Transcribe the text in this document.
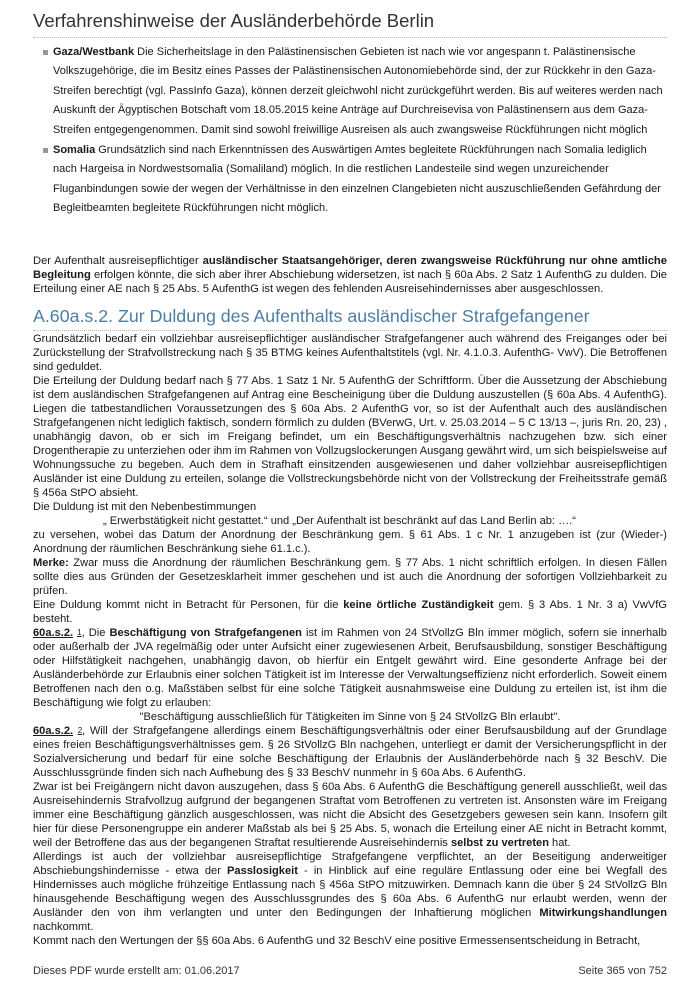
Verfahrenshinweise der Ausländerbehörde Berlin
Gaza/Westbank Die Sicherheitslage in den Palästinensischen Gebieten ist nach wie vor angespann t. Palästinensische Volkszugehörige, die im Besitz eines Passes der Palästinensischen Autonomiebehörde sind, der zur Rückkehr in den Gaza-Streifen berechtigt (vgl. PassInfo Gaza), können derzeit gleichwohl nicht zurückgeführt werden. Bis auf weiteres werden nach Auskunft der Ägyptischen Botschaft vom 18.05.2015 keine Anträge auf Durchreisevisa von Palästinensern aus dem Gaza-Streifen entgegengenommen. Damit sind sowohl freiwillige Ausreisen als auch zwangsweise Rückführungen nicht möglich
Somalia Grundsätzlich sind nach Erkenntnissen des Auswärtigen Amtes begleitete Rückführungen nach Somalia lediglich nach Hargeisa in Nordwestsomalia (Somaliland) möglich. In die restlichen Landesteile sind wegen unzureichender Fluganbindungen sowie der wegen der Verhältnisse in den einzelnen Clangebieten nicht auszuschließenden Gefährdung der Begleitbeamten begleitete Rückführungen nicht möglich.

Der Aufenthalt ausreisepflichtiger ausländischer Staatsangehöriger, deren zwangsweise Rückführung nur ohne amtliche Begleitung erfolgen könnte, die sich aber ihrer Abschiebung widersetzen, ist nach § 60a Abs. 2 Satz 1 AufenthG zu dulden. Die Erteilung einer AE nach § 25 Abs. 5 AufenthG ist wegen des fehlenden Ausreisehindernisses aber ausgeschlossen.

A.60a.s.2. Zur Duldung des Aufenthalts ausländischer Strafgefangener

Grundsätzlich bedarf ein vollziehbar ausreisepflichtiger ausländischer Strafgefangener auch während des Freiganges oder bei Zurückstellung der Strafvollstreckung nach § 35 BTMG keines Aufenthaltstitels (vgl. Nr. 4.1.0.3. AufenthG- VwV). Die Betroffenen sind geduldet.

Die Erteilung der Duldung bedarf nach § 77 Abs. 1 Satz 1 Nr. 5 AufenthG der Schriftform. Über die Aussetzung der Abschiebung ist dem ausländischen Strafgefangenen auf Antrag eine Bescheinigung über die Duldung auszustellen (§ 60a Abs. 4 AufenthG). Liegen die tatbestandlichen Voraussetzungen des § 60a Abs. 2 AufenthG vor, so ist der Aufenthalt auch des ausländischen Strafgefangenen nicht lediglich faktisch, sondern förmlich zu dulden (BVerwG, Urt. v. 25.03.2014 – 5 C 13/13 –, juris Rn. 20, 23) , unabhängig davon, ob er sich im Freigang befindet, um ein Beschäftigungsverhältnis nachzugehen bzw. sich einer Drogentherapie zu unterziehen oder ihm im Rahmen von Vollzugslockerungen Ausgang gewährt wird, um sich beispielsweise auf Wohnungssuche zu begeben. Auch dem in Strafhaft einsitzenden ausgewiesenen und daher vollziehbar ausreisepflichtigen Ausländer ist eine Duldung zu erteilen, solange die Vollstreckungsbehörde nicht von der Vollstreckung der Freiheitsstrafe gemäß § 456a StPO absieht.

Die Duldung ist mit den Nebenbestimmungen

„ Erwerbstätigkeit nicht gestattet.“ und „Der Aufenthalt ist beschränkt auf das Land Berlin ab: ….“

zu versehen, wobei das Datum der Anordnung der Beschränkung gem. § 61 Abs. 1 c Nr. 1 anzugeben ist (zur (Wieder-) Anordnung der räumlichen Beschränkung siehe 61.1.c.).

Merke: Zwar muss die Anordnung der räumlichen Beschränkung gem. § 77 Abs. 1 nicht schriftlich erfolgen. In diesen Fällen sollte dies aus Gründen der Gesetzesklarheit immer geschehen und ist auch die Anordnung der sofortigen Vollziehbarkeit zu prüfen.

Eine Duldung kommt nicht in Betracht für Personen, für die keine örtliche Zuständigkeit gem. § 3 Abs. 1 Nr. 3 a) VwVfG besteht.

60a.s.2. 1, Die Beschäftigung von Strafgefangenen ist im Rahmen von 24 StVollzG Bln immer möglich, sofern sie innerhalb oder außerhalb der JVA regelmäßig oder unter Aufsicht einer zugewiesenen Arbeit, Berufsausbildung, sonstiger Beschäftigung oder Hilfstätigkeit nachgehen, unabhängig davon, ob hierfür ein Entgelt gewährt wird. Eine gesonderte Anfrage bei der Ausländerbehörde zur Erlaubnis einer solchen Tätigkeit ist im Interesse der Verwaltungseffizienz nicht erforderlich. Soweit einem Betroffenen nach den o.g. Maßstäben selbst für eine solche Tätigkeit ausnahmsweise eine Duldung zu erteilen ist, ist ihm die Beschäftigung wie folgt zu erlauben:

"Beschäftigung ausschließlich für Tätigkeiten im Sinne von § 24 StVollzG Bln erlaubt".

60a.s.2. 2, Will der Strafgefangene allerdings einem Beschäftigungsverhältnis oder einer Berufsausbildung auf der Grundlage eines freien Beschäftigungsverhältnisses gem. § 26 StVollzG Bln nachgehen, unterliegt er damit der Versicherungspflicht in der Sozialversicherung und bedarf für eine solche Beschäftigung der Erlaubnis der Ausländerbehörde nach § 32 BeschV. Die Ausschlussgründe finden sich nach Aufhebung des § 33 BeschV nunmehr in § 60a Abs. 6 AufenthG.

Zwar ist bei Freigängern nicht davon auszugehen, dass § 60a Abs. 6 AufenthG die Beschäftigung generell ausschließt, weil das Ausreisehindernis Strafvollzug aufgrund der begangenen Straftat vom Betroffenen zu vertreten ist. Ansonsten wäre im Freigang immer eine Beschäftigung gänzlich ausgeschlossen, was nicht die Absicht des Gesetzgebers gewesen sein kann. Insofern gilt hier für diese Personengruppe ein anderer Maßstab als bei § 25 Abs. 5, wonach die Erteilung einer AE nicht in Betracht kommt, weil der Betroffene das aus der begangenen Straftat resultierende Ausreisehindernis selbst zu vertreten hat.

Allerdings ist auch der vollziehbar ausreisepflichtige Strafgefangene verpflichtet, an der Beseitigung anderweitiger Abschiebungshindernisse - etwa der Passlosigkeit - in Hinblick auf eine reguläre Entlassung oder eine bei Wegfall des Hindernisses auch mögliche frühzeitige Entlassung nach § 456a StPO mitzuwirken. Demnach kann die über § 24 StVollzG Bln hinausgehende Beschäftigung wegen des Ausschlussgrundes des § 60a Abs. 6 AufenthG nur erlaubt werden, wenn der Ausländer den von ihm verlangten und unter den Bedingungen der Inhaftierung möglichen Mitwirkungshandlungen nachkommt.

Kommt nach den Wertungen der §§ 60a Abs. 6 AufenthG und 32 BeschV eine positive Ermessensentscheidung in Betracht,

Dieses PDF wurde erstellt am: 01.06.2017	Seite 365 von 752
